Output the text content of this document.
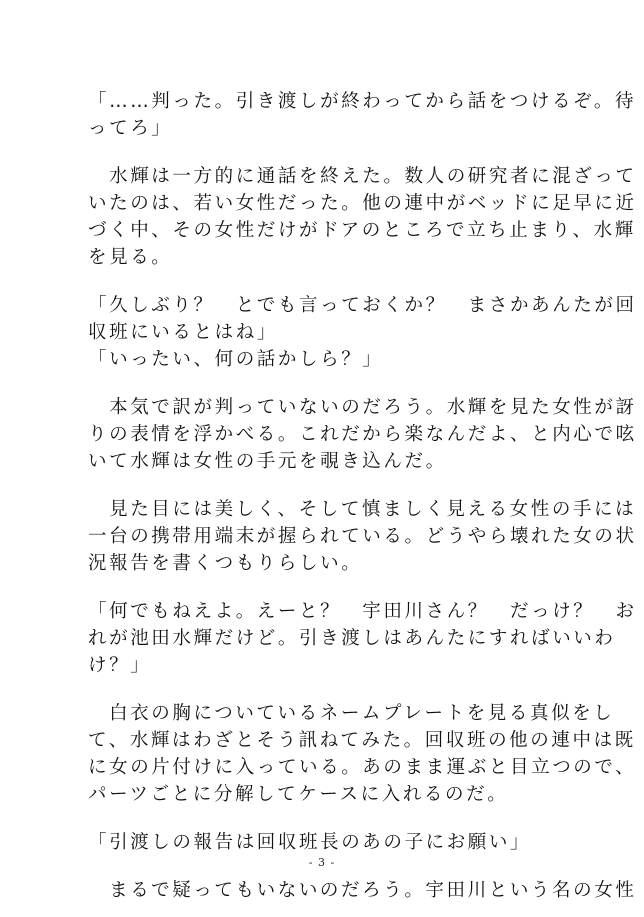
「……判った。引き渡しが終わってから話をつけるぞ。待
ってろ」
　水輝は一方的に通話を終えた。数人の研究者に混ざって
いたのは、若い女性だった。他の連中がベッドに足早に近
づく中、その女性だけがドアのところで立ち止まり、水輝
を見る。
「久しぶり？　とでも言っておくか？　まさかあんたが回
収班にいるとはね」
「いったい、何の話かしら？」
　本気で訳が判っていないのだろう。水輝を見た女性が訝
りの表情を浮かべる。これだから楽なんだよ、と内心で呟
いて水輝は女性の手元を覗き込んだ。
　見た目には美しく、そして慎ましく見える女性の手には
一台の携帯用端末が握られている。どうやら壊れた女の状
況報告を書くつもりらしい。
「何でもねえよ。えーと？　宇田川さん？　だっけ？　お
れが池田水輝だけど。引き渡しはあんたにすればいいわ
け？」
　白衣の胸についているネームプレートを見る真似をし
て、水輝はわざとそう訊ねてみた。回収班の他の連中は既
に女の片付けに入っている。あのまま運ぶと目立つので、
パーツごとに分解してケースに入れるのだ。
「引渡しの報告は回収班長のあの子にお願い」
　まるで疑ってもいないのだろう。宇田川という名の女性
- 3 -
